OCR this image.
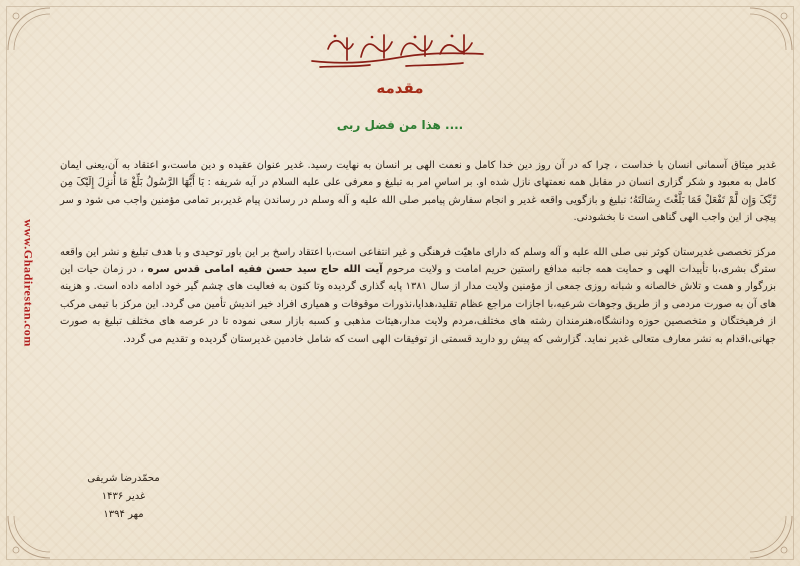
www.Ghadirestan.com
مقدمه
هذا من فضل ربی ....

غدیر میثاق آسمانی انسان با خداست ، چرا که در آن روز دین خدا کامل و نعمت الهی بر انسان به نهایت رسید. غدیر عنوان عقیده و دین ماست،و اعتقاد به آن،یعنی ایمان کامل به معبود و شکر گزاری انسان در مقابل همه نعمتهای نازل شده او. بر اساسِ امر به تبلیغ و معرفی علی علیه السلام در آیه شریفه : یَا أَیُّهَا الرَّسُولُ بَلِّغْ مَا أُنزِلَ إِلَیْکَ مِن رَّبِّکَ وَإِن لَّمْ تَفْعَلْ فَمَا بَلَّغْتَ رِسَالَتَهُ؛ تبلیغ و بازگویی واقعه غدیر و انجام سفارش پیامبر صلی الله علیه و آله وسلم در رساندن پیام غدیر،بر تمامی مؤمنین واجب می شود و سر پیچی از این واجب الهی گناهی است نا بخشودنی.

مرکز تخصصی غدیرستان کوثر نبی صلی الله علیه و آله وسلم که دارای ماهیّت فرهنگی و غیر انتفاعی است،با اعتقاد راسخ بر این باور توحیدی و با هدف تبلیغ و نشر این واقعه سترگ بشری،با تأییدات الهی و حمایت همه جانبه مدافع راستین حریم امامت و ولایت مرحوم آیت الله حاج سید حسن فقیه امامی قدس سره ، در زمان حیات این بزرگوار و همت و تلاش خالصانه و شبانه روزی جمعی از مؤمنین ولایت مدار از سال ۱۳۸۱ پایه گذاری گردیده وتا کنون به فعالیت های چشم گیر خود ادامه داده است. و هزینه های آن به صورت مردمی و از طریق وجوهات شرعیه،با اجازات مراجع عظام تقلید،هدایا،نذورات موقوفات و همیاری افراد خیر اندیش تأمین می گردد. این مرکز با تیمی مرکب از فرهیختگان و متخصصین حوزه ودانشگاه،هنرمندان رشته های مختلف،مردم ولایت مدار،هیئات مذهبی و کسبه بازار سعی نموده تا در عرصه های مختلف تبلیغ به صورت جهانی،اقدام به نشر معارف متعالی غدیر نماید. گزارشی که پیش رو دارید قسمتی از توفیقات الهی است که شامل خادمین غدیرستان گردیده و تقدیم می گردد.

محمّدرضا شریفی
غدیر ۱۴۳۶
مهر ۱۳۹۴
